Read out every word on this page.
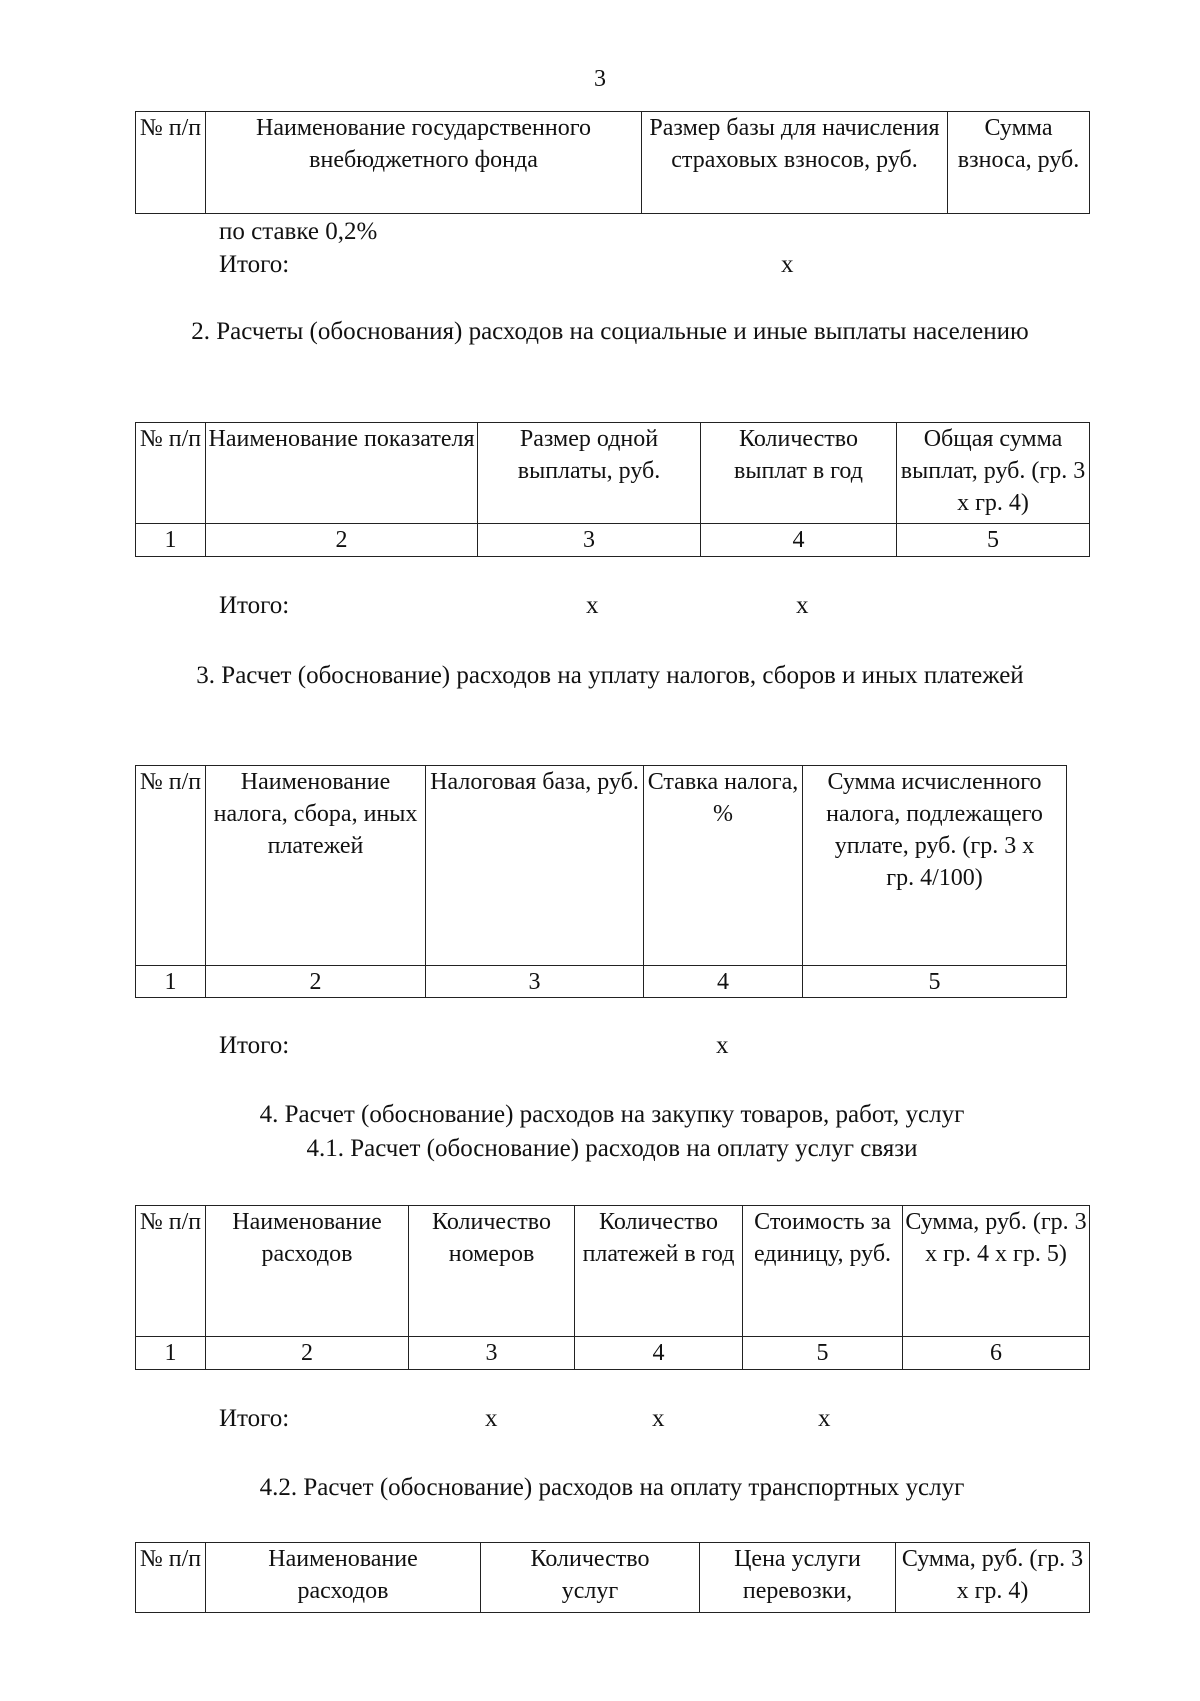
3
№ п/п	Наименование государственного внебюджетного фонда	Размер базы для начисления страховых взносов, руб.	Сумма взноса, руб.
по ставке 0,2%
Итого:	x
2. Расчеты (обоснования) расходов на социальные и иные выплаты населению
№ п/п	Наименование показателя	Размер одной выплаты, руб.	Количество выплат в год	Общая сумма выплат, руб. (гр. 3 x гр. 4)
1	2	3	4	5
Итого:	x	x
3. Расчет (обоснование) расходов на уплату налогов, сборов и иных платежей
№ п/п	Наименование налога, сбора, иных платежей	Налоговая база, руб.	Ставка налога, %	Сумма исчисленного налога, подлежащего уплате, руб. (гр. 3 x гр. 4/100)
1	2	3	4	5
Итого:	x
4. Расчет (обоснование) расходов на закупку товаров, работ, услуг
4.1. Расчет (обоснование) расходов на оплату услуг связи
№ п/п	Наименование расходов	Количество номеров	Количество платежей в год	Стоимость за единицу, руб.	Сумма, руб. (гр. 3 x гр. 4 x гр. 5)
1	2	3	4	5	6
Итого:	x	x	x
4.2. Расчет (обоснование) расходов на оплату транспортных услуг
№ п/п	Наименование расходов	Количество услуг	Цена услуги перевозки,	Сумма, руб. (гр. 3 x гр. 4)
